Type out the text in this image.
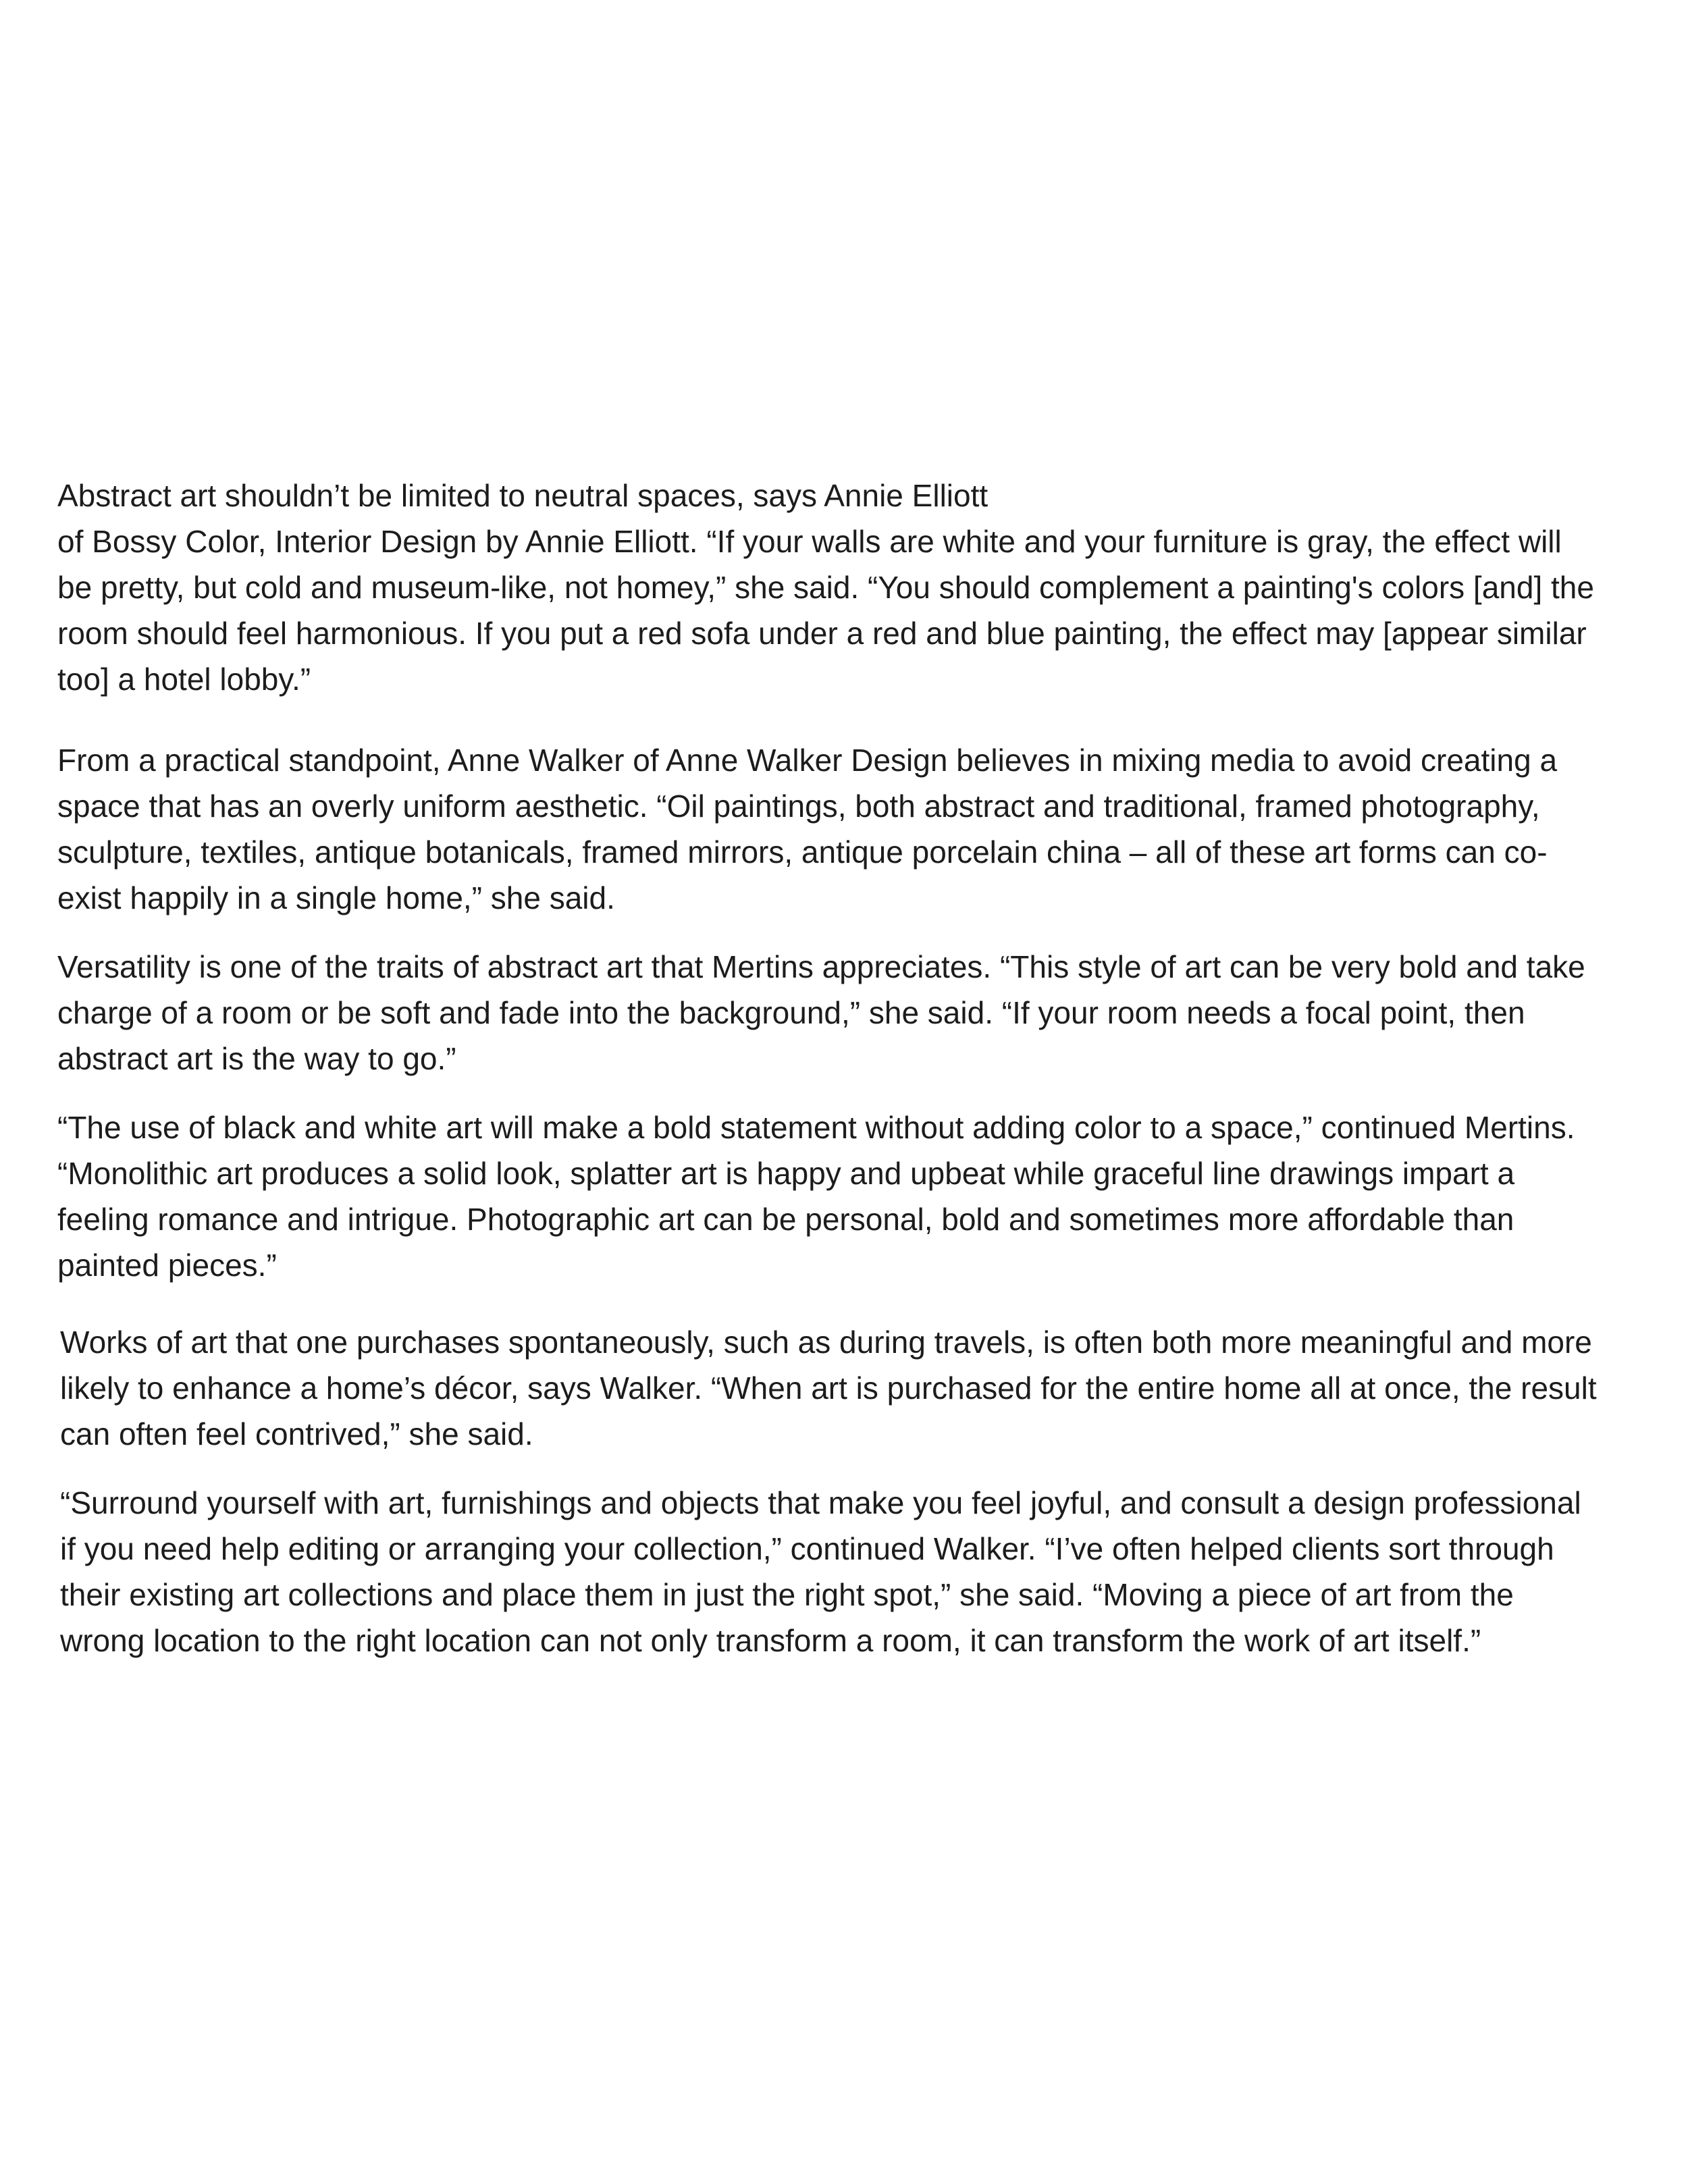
Abstract art shouldn’t be limited to neutral spaces, says Annie Elliott
of Bossy Color, Interior Design by Annie Elliott. “If your walls are white and your furniture is gray, the effect will be pretty, but cold and museum-like, not homey,” she said. “You should complement a painting's colors [and] the room should feel harmonious. If you put a red sofa under a red and blue painting, the effect may [appear similar too] a hotel lobby.”

From a practical standpoint, Anne Walker of Anne Walker Design believes in mixing media to avoid creating a space that has an overly uniform aesthetic. “Oil paintings, both abstract and traditional, framed photography, sculpture, textiles, antique botanicals, framed mirrors, antique porcelain china – all of these art forms can co-exist happily in a single home,” she said.

Versatility is one of the traits of abstract art that Mertins appreciates. “This style of art can be very bold and take charge of a room or be soft and fade into the background,” she said. “If your room needs a focal point, then abstract art is the way to go.”

“The use of black and white art will make a bold statement without adding color to a space,” continued Mertins. “Monolithic art produces a solid look, splatter art is happy and upbeat while graceful line drawings impart a feeling romance and intrigue. Photographic art can be personal, bold and sometimes more affordable than painted pieces.”

Works of art that one purchases spontaneously, such as during travels, is often both more meaningful and more likely to enhance a home’s décor, says Walker. “When art is purchased for the entire home all at once, the result can often feel contrived,” she said.

“Surround yourself with art, furnishings and objects that make you feel joyful, and consult a design professional if you need help editing or arranging your collection,” continued Walker. “I’ve often helped clients sort through their existing art collections and place them in just the right spot,” she said. “Moving a piece of art from the wrong location to the right location can not only transform a room, it can transform the work of art itself.”
